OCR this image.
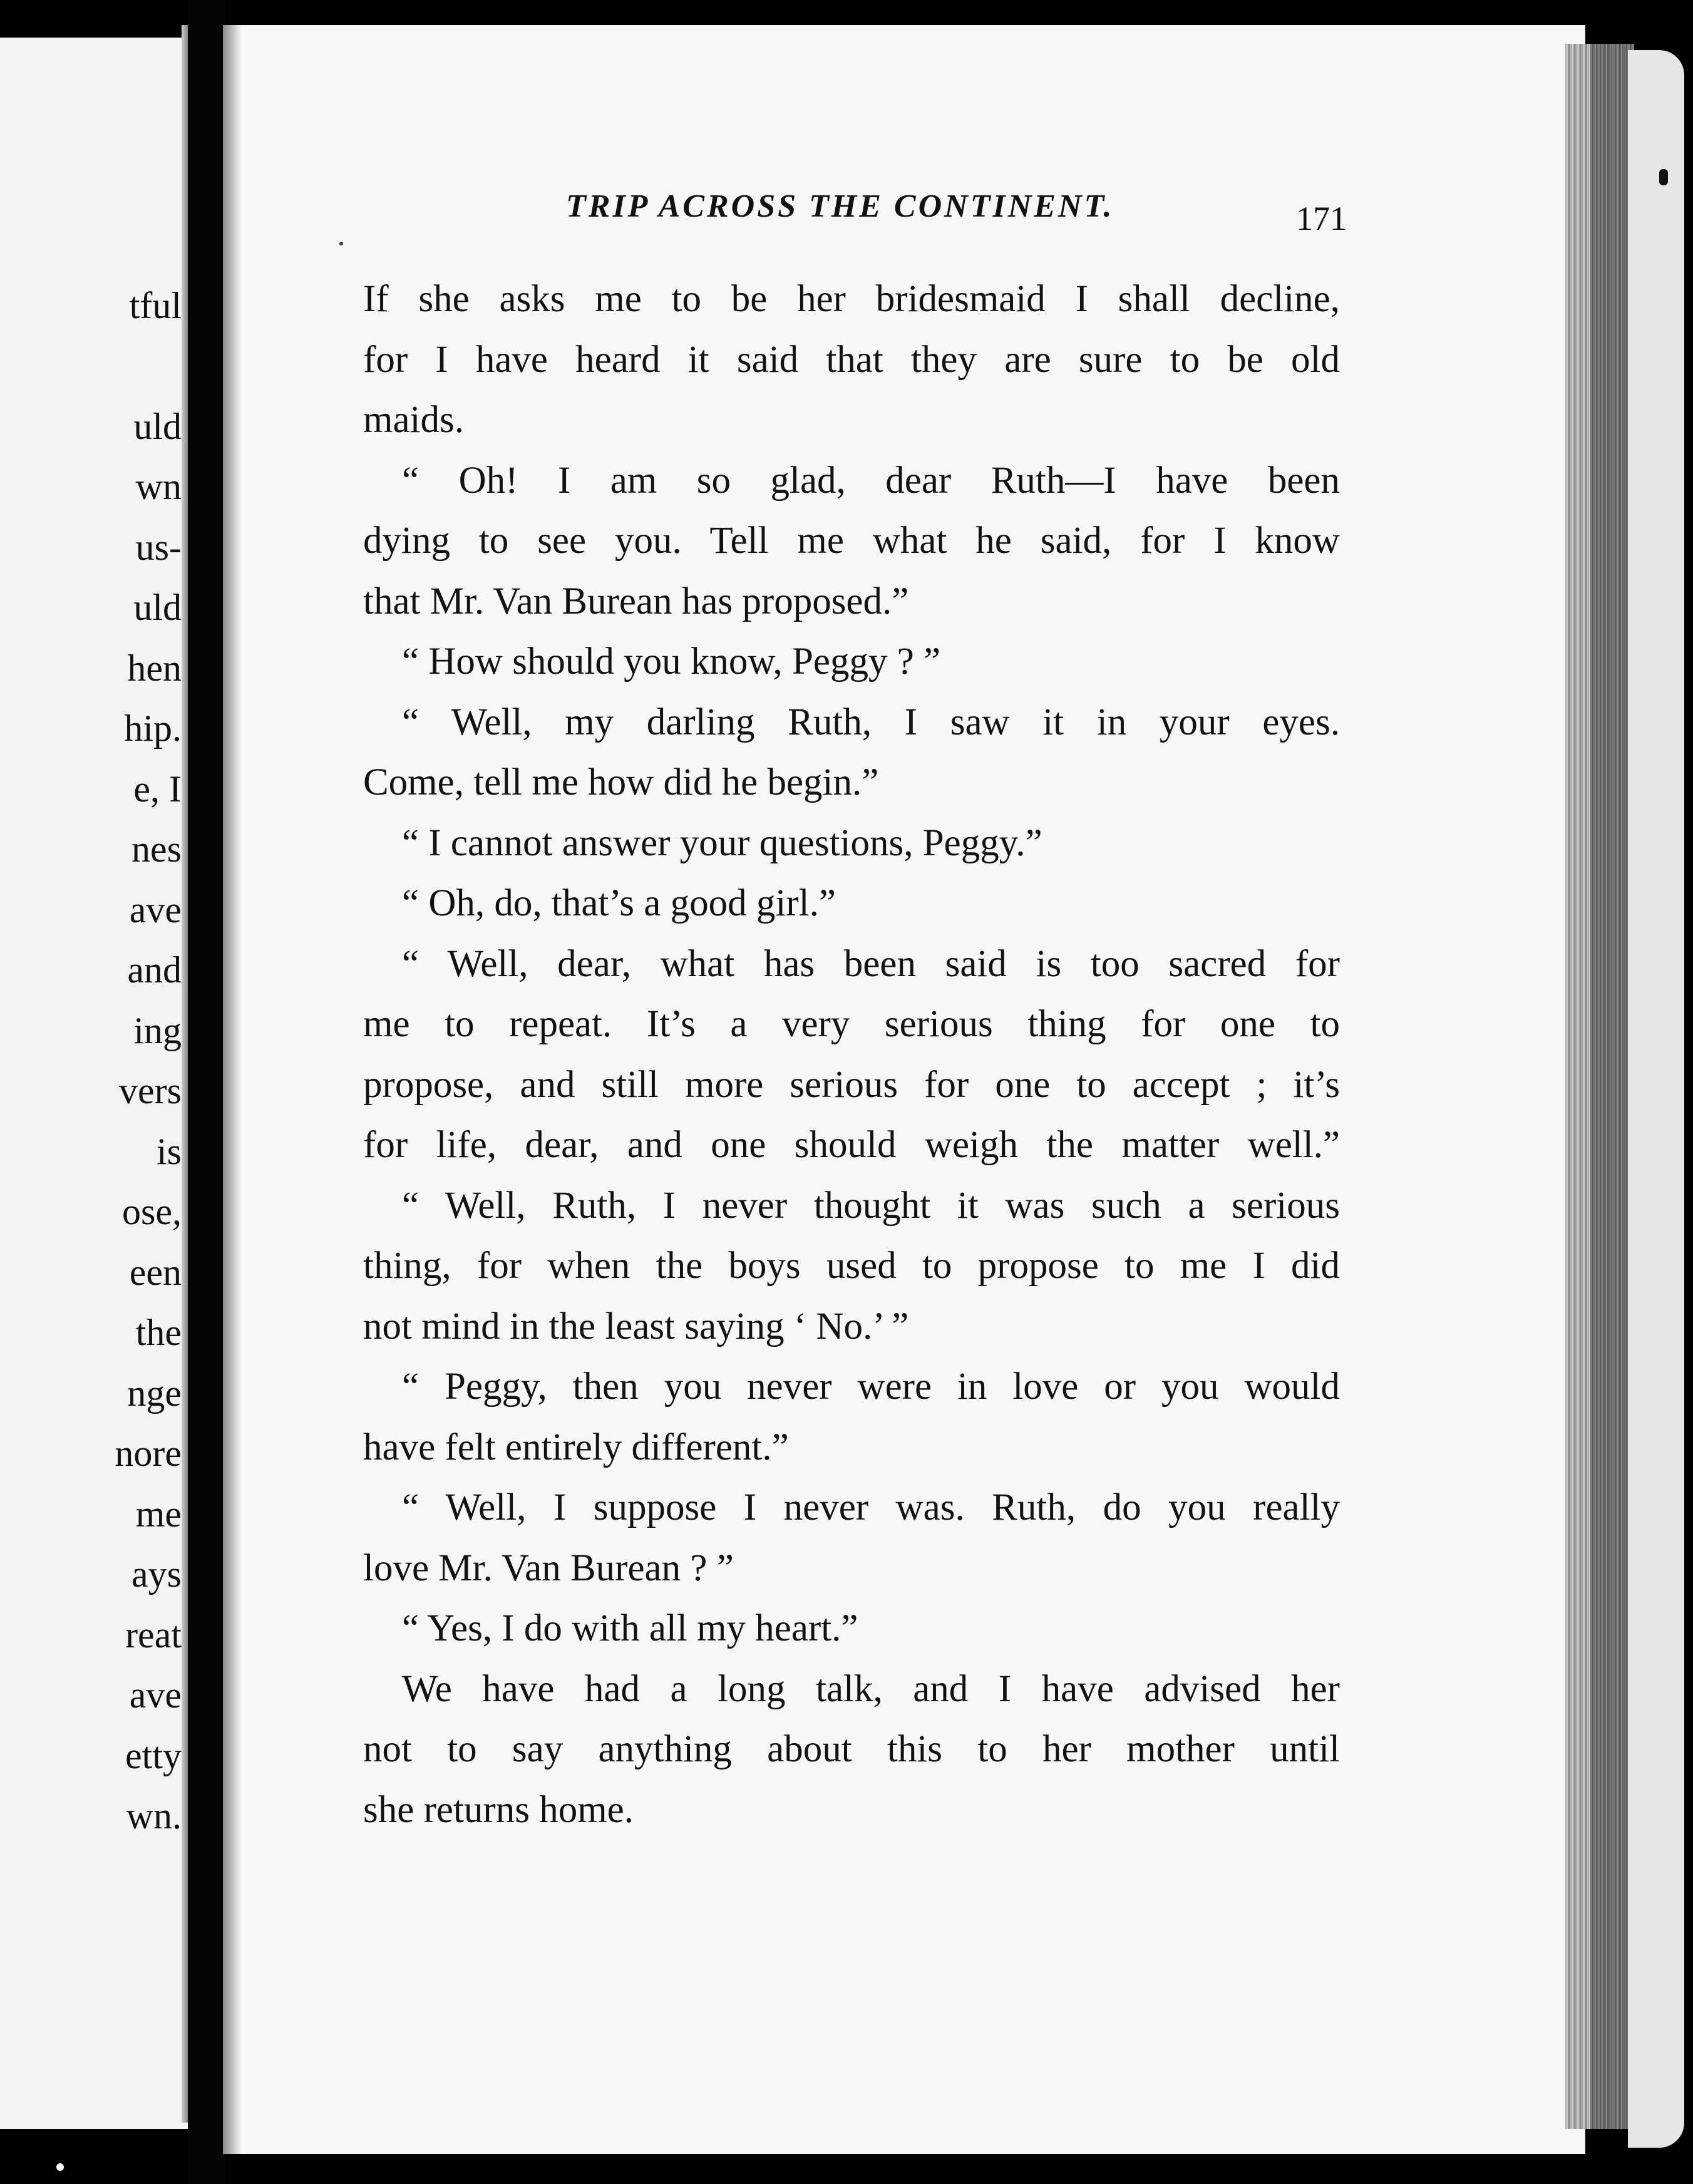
tful
uld
wn
us-
uld
hen
hip.
e, I
nes
ave
and
ing
vers
is
ose,
een
the
nge
nore
me
ays
reat
ave
etty
wn.
TRIP ACROSS THE CONTINENT.	171
If she asks me to be her bridesmaid I shall decline,
for I have heard it said that they are sure to be old
maids.
“ Oh! I am so glad, dear Ruth—I have been
dying to see you. Tell me what he said, for I know
that Mr. Van Burean has proposed.”
“ How should you know, Peggy ? ”
“ Well, my darling Ruth, I saw it in your eyes.
Come, tell me how did he begin.”
“ I cannot answer your questions, Peggy.”
“ Oh, do, that’s a good girl.”
“ Well, dear, what has been said is too sacred for
me to repeat. It’s a very serious thing for one to
propose, and still more serious for one to accept ; it’s
for life, dear, and one should weigh the matter well.”
“ Well, Ruth, I never thought it was such a serious
thing, for when the boys used to propose to me I did
not mind in the least saying ‘ No.’ ”
“ Peggy, then you never were in love or you would
have felt entirely different.”
“ Well, I suppose I never was. Ruth, do you really
love Mr. Van Burean ? ”
“ Yes, I do with all my heart.”
We have had a long talk, and I have advised her
not to say anything about this to her mother until
she returns home.
